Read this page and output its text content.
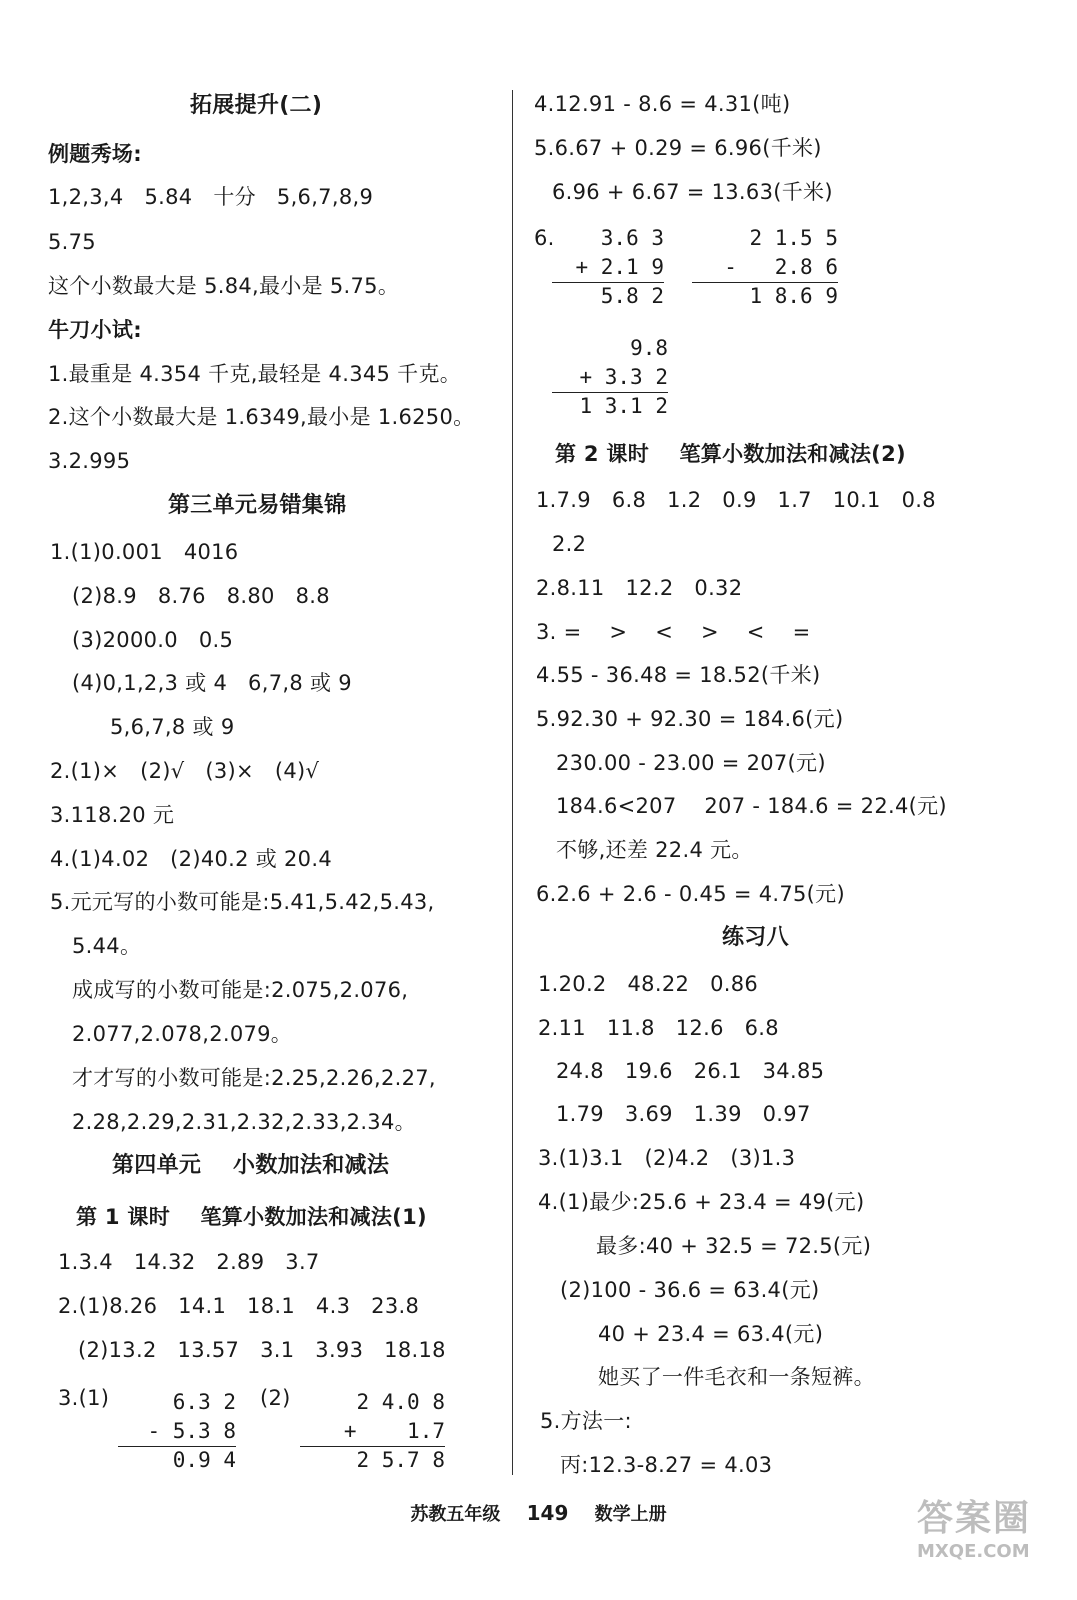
拓展提升(二)
例题秀场:
1,2,3,4   5.84   十分   5,6,7,8,9
5.75
这个小数最大是 5.84,最小是 5.75。
牛刀小试:
1.最重是 4.354 千克,最轻是 4.345 千克。
2.这个小数最大是 1.6349,最小是 1.6250。
3.2.995
第三单元易错集锦
1.(1)0.001   4016
(2)8.9   8.76   8.80   8.8
(3)2000.0   0.5
(4)0,1,2,3 或 4   6,7,8 或 9
5,6,7,8 或 9
2.(1)×   (2)√   (3)×   (4)√
3.118.20 元
4.(1)4.02   (2)40.2 或 20.4
5.元元写的小数可能是:5.41,5.42,5.43,
5.44。
成成写的小数可能是:2.075,2.076,
2.077,2.078,2.079。
才才写的小数可能是:2.25,2.26,2.27,
2.28,2.29,2.31,2.32,2.33,2.34。
第四单元    小数加法和减法
第 1 课时    笔算小数加法和减法(1)
1.3.4   14.32   2.89   3.7
2.(1)8.26   14.1   18.1   4.3   23.8
(2)13.2   13.57   3.1   3.93   18.18
3.(1)	(2)
6.3 2
- 5.3 8
0.9 4
2 4.0 8
+    1.7
2 5.7 8
4.12.91 - 8.6 = 4.31(吨)
5.6.67 + 0.29 = 6.96(千米)
6.96 + 6.67 = 13.63(千米)
6.	3.6 3
+ 2.1 9
5.8 2
2 1.5 5
-   2.8 6
1 8.6 9
9.8
+ 3.3 2
1 3.1 2
第 2 课时    笔算小数加法和减法(2)
1.7.9   6.8   1.2   0.9   1.7   10.1   0.8
2.2
2.8.11   12.2   0.32
3. =    >    <    >    <    =
4.55 - 36.48 = 18.52(千米)
5.92.30 + 92.30 = 184.6(元)
230.00 - 23.00 = 207(元)
184.6<207    207 - 184.6 = 22.4(元)
不够,还差 22.4 元。
6.2.6 + 2.6 - 0.45 = 4.75(元)
练习八
1.20.2   48.22   0.86
2.11   11.8   12.6   6.8
24.8   19.6   26.1   34.85
1.79   3.69   1.39   0.97
3.(1)3.1   (2)4.2   (3)1.3
4.(1)最少:25.6 + 23.4 = 49(元)
最多:40 + 32.5 = 72.5(元)
(2)100 - 36.6 = 63.4(元)
40 + 23.4 = 63.4(元)
她买了一件毛衣和一条短裤。
5.方法一:
丙:12.3-8.27 = 4.03
苏教五年级 149 数学上册	答案圈
MXQE.COM
